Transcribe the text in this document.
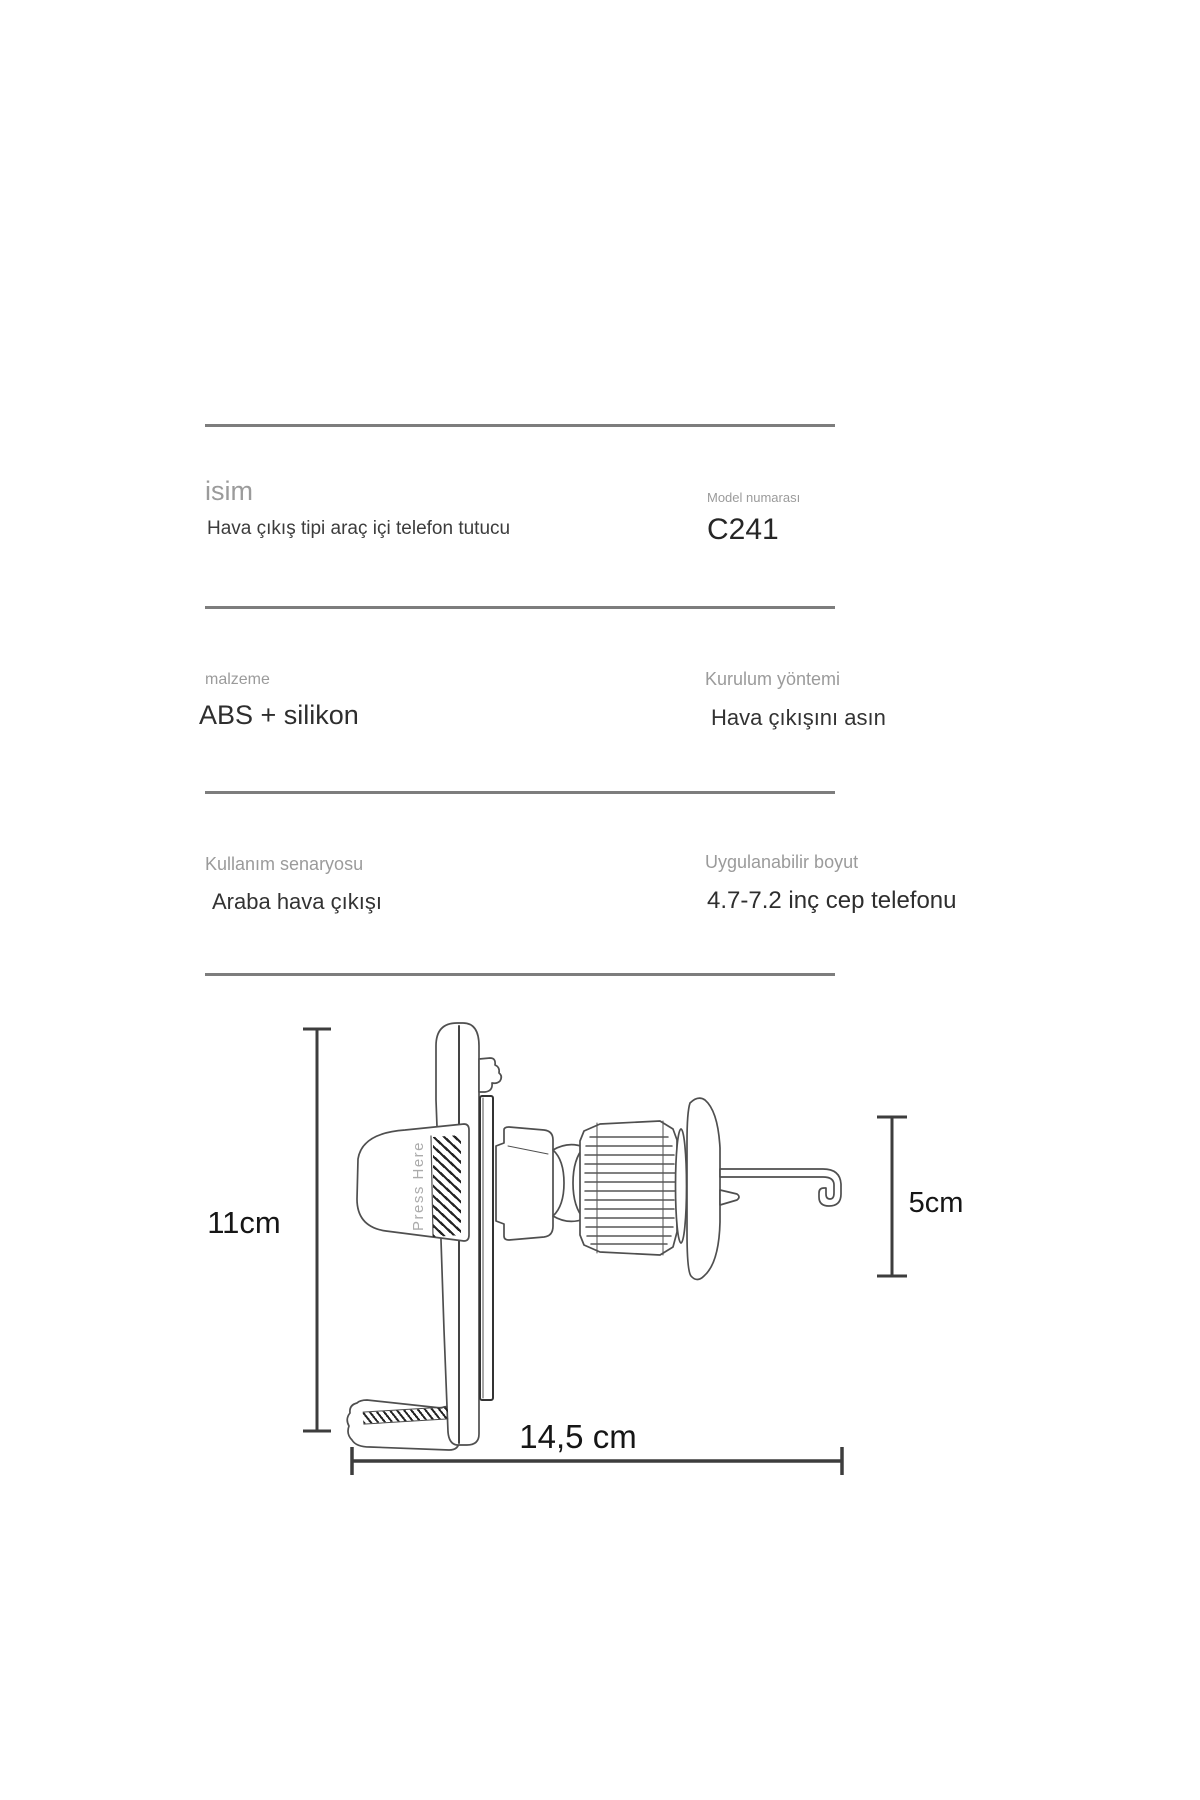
isim
Hava çıkış tipi araç içi telefon tutucu
Model numarası
C241
malzeme
ABS + silikon
Kurulum yöntemi
Hava çıkışını asın
Kullanım senaryosu
Araba hava çıkışı
Uygulanabilir boyut
4.7-7.2 inç cep telefonu
11cm
5cm
14,5 cm
Press Here
